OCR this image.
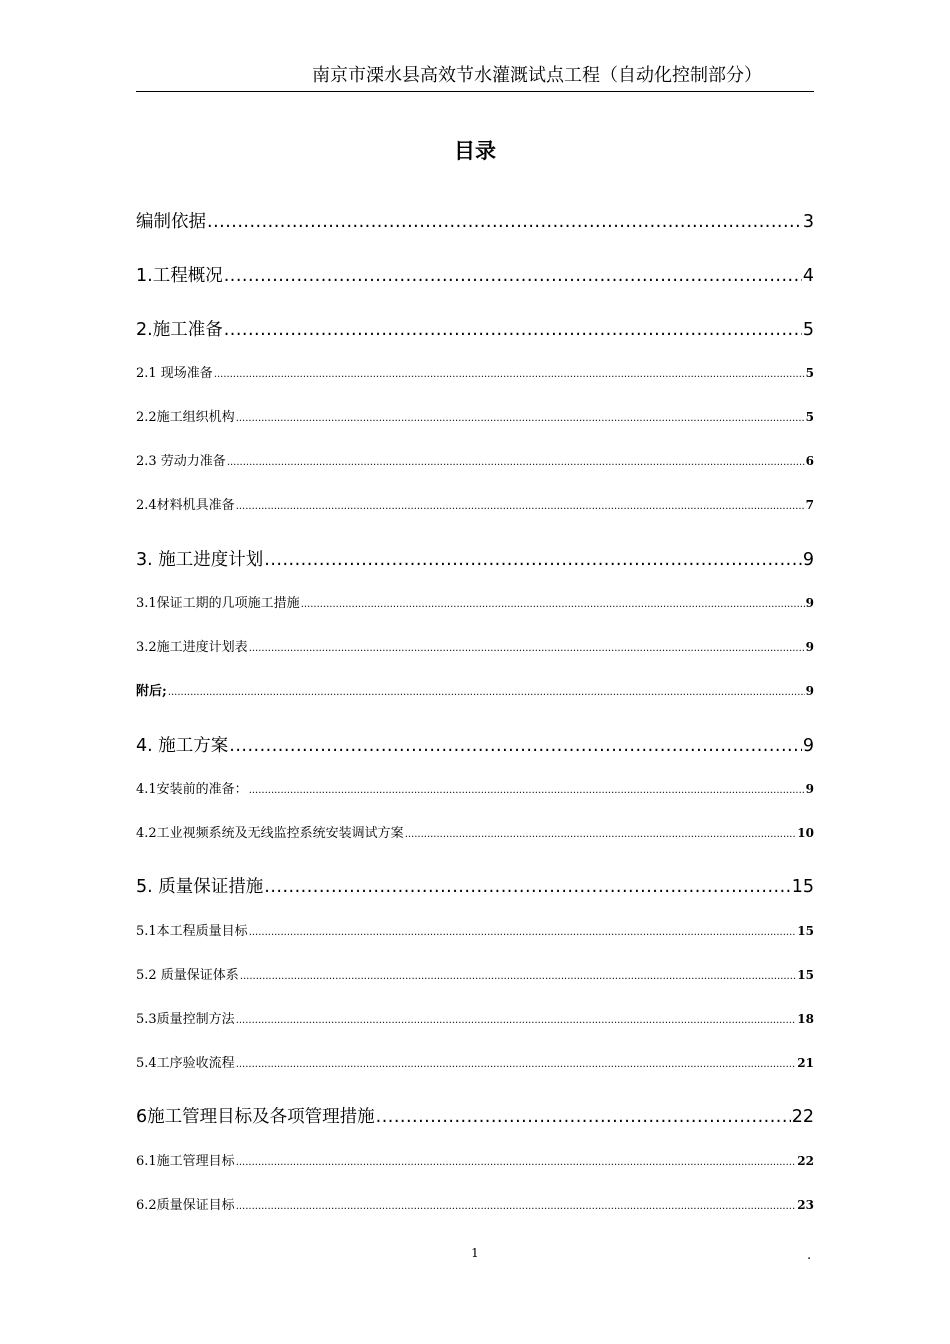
南京市溧水县高效节水灌溉试点工程（自动化控制部分）
目录
编制依据 .....	3
1.工程概况 .....	4
2.施工准备 .....	5
2.1 现场准备 .....	5
2.2施工组织机构 .....	5
2.3 劳动力准备 .....	6
2.4材料机具准备 .....	7
3. 施工进度计划 .....	9
3.1保证工期的几项施工措施 .....	9
3.2施工进度计划表 .....	9
附后; .....	9
4. 施工方案 .....	9
4.1安装前的准备： .....	9
4.2工业视频系统及无线监控系统安装调试方案 .....	10
5. 质量保证措施 .....	15
5.1本工程质量目标 .....	15
5.2 质量保证体系 .....	15
5.3质量控制方法 .....	18
5.4工序验收流程 .....	21
6施工管理目标及各项管理措施 .....	22
6.1施工管理目标 .....	22
6.2质量保证目标 .....	23
1	.
